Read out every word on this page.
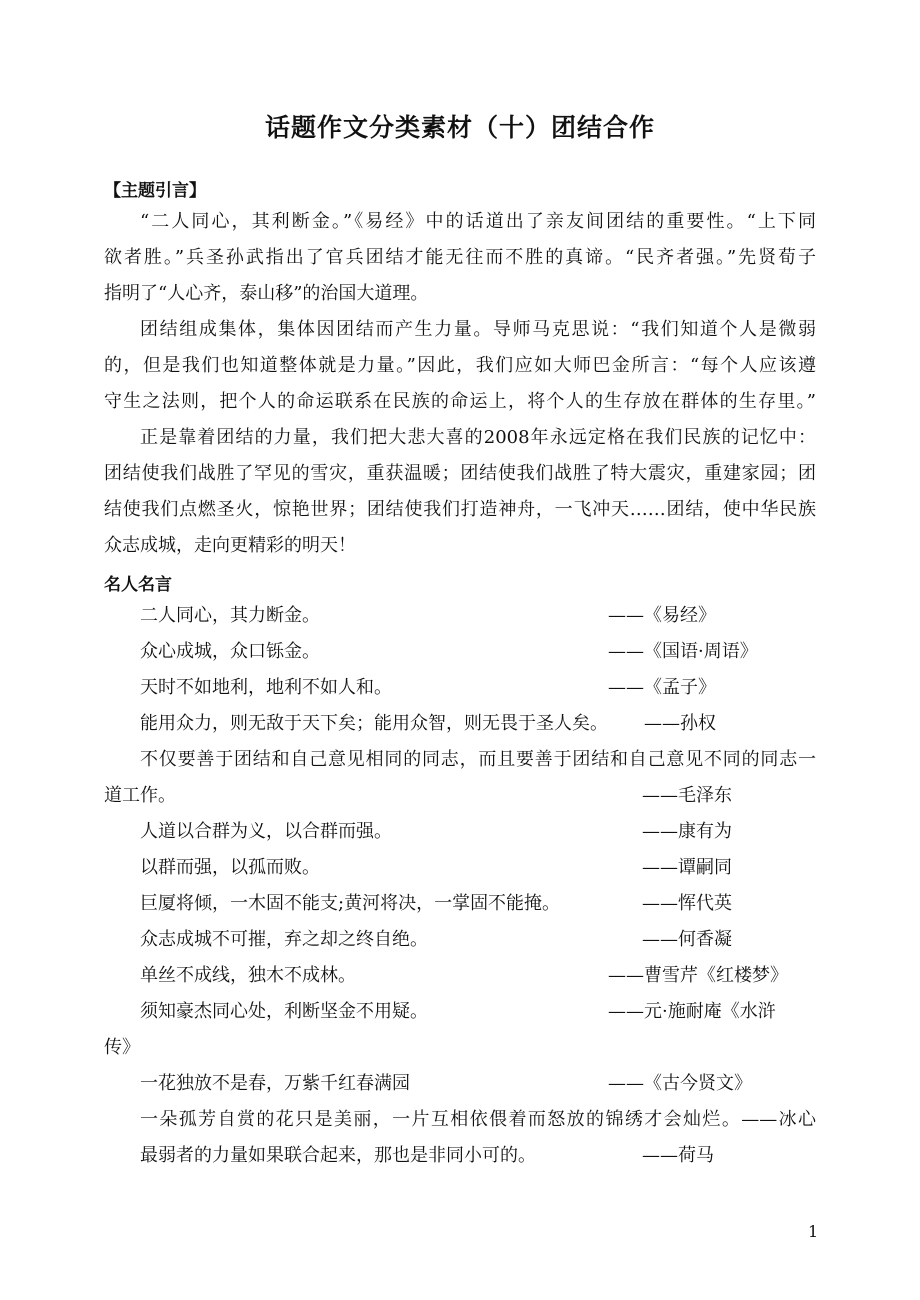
话题作文分类素材（十）团结合作
【主题引言】
“二人同心，其利断金。”《易经》中的话道出了亲友间团结的重要性。“上下同
欲者胜。”兵圣孙武指出了官兵团结才能无往而不胜的真谛。“民齐者强。”先贤荀子
指明了“人心齐，泰山移”的治国大道理。
团结组成集体，集体因团结而产生力量。导师马克思说：“我们知道个人是微弱
的，但是我们也知道整体就是力量。”因此，我们应如大师巴金所言：“每个人应该遵
守生之法则，把个人的命运联系在民族的命运上，将个人的生存放在群体的生存里。”
正是靠着团结的力量，我们把大悲大喜的2008年永远定格在我们民族的记忆中：
团结使我们战胜了罕见的雪灾，重获温暖；团结使我们战胜了特大震灾，重建家园；团
结使我们点燃圣火，惊艳世界；团结使我们打造神舟，一飞冲天……团结，使中华民族
众志成城，走向更精彩的明天！
名人名言
二人同心，其力断金。	——《易经》
众心成城，众口铄金。	——《国语·周语》
天时不如地利，地利不如人和。	——《孟子》
能用众力，则无敌于天下矣；能用众智，则无畏于圣人矣。 ——孙权
不仅要善于团结和自己意见相同的同志，而且要善于团结和自己意见不同的同志一
道工作。	——毛泽东
人道以合群为义，以合群而强。	——康有为
以群而强，以孤而败。	——谭嗣同
巨厦将倾，一木固不能支;黄河将决，一掌固不能掩。	——恽代英
众志成城不可摧，弃之却之终自绝。	——何香凝
单丝不成线，独木不成林。	——曹雪芹《红楼梦》
须知豪杰同心处，利断坚金不用疑。	——元·施耐庵《水浒
传》
一花独放不是春，万紫千红春满园	——《古今贤文》
一朵孤芳自赏的花只是美丽，一片互相依偎着而怒放的锦绣才会灿烂。——冰心
最弱者的力量如果联合起来，那也是非同小可的。	——荷马
1
